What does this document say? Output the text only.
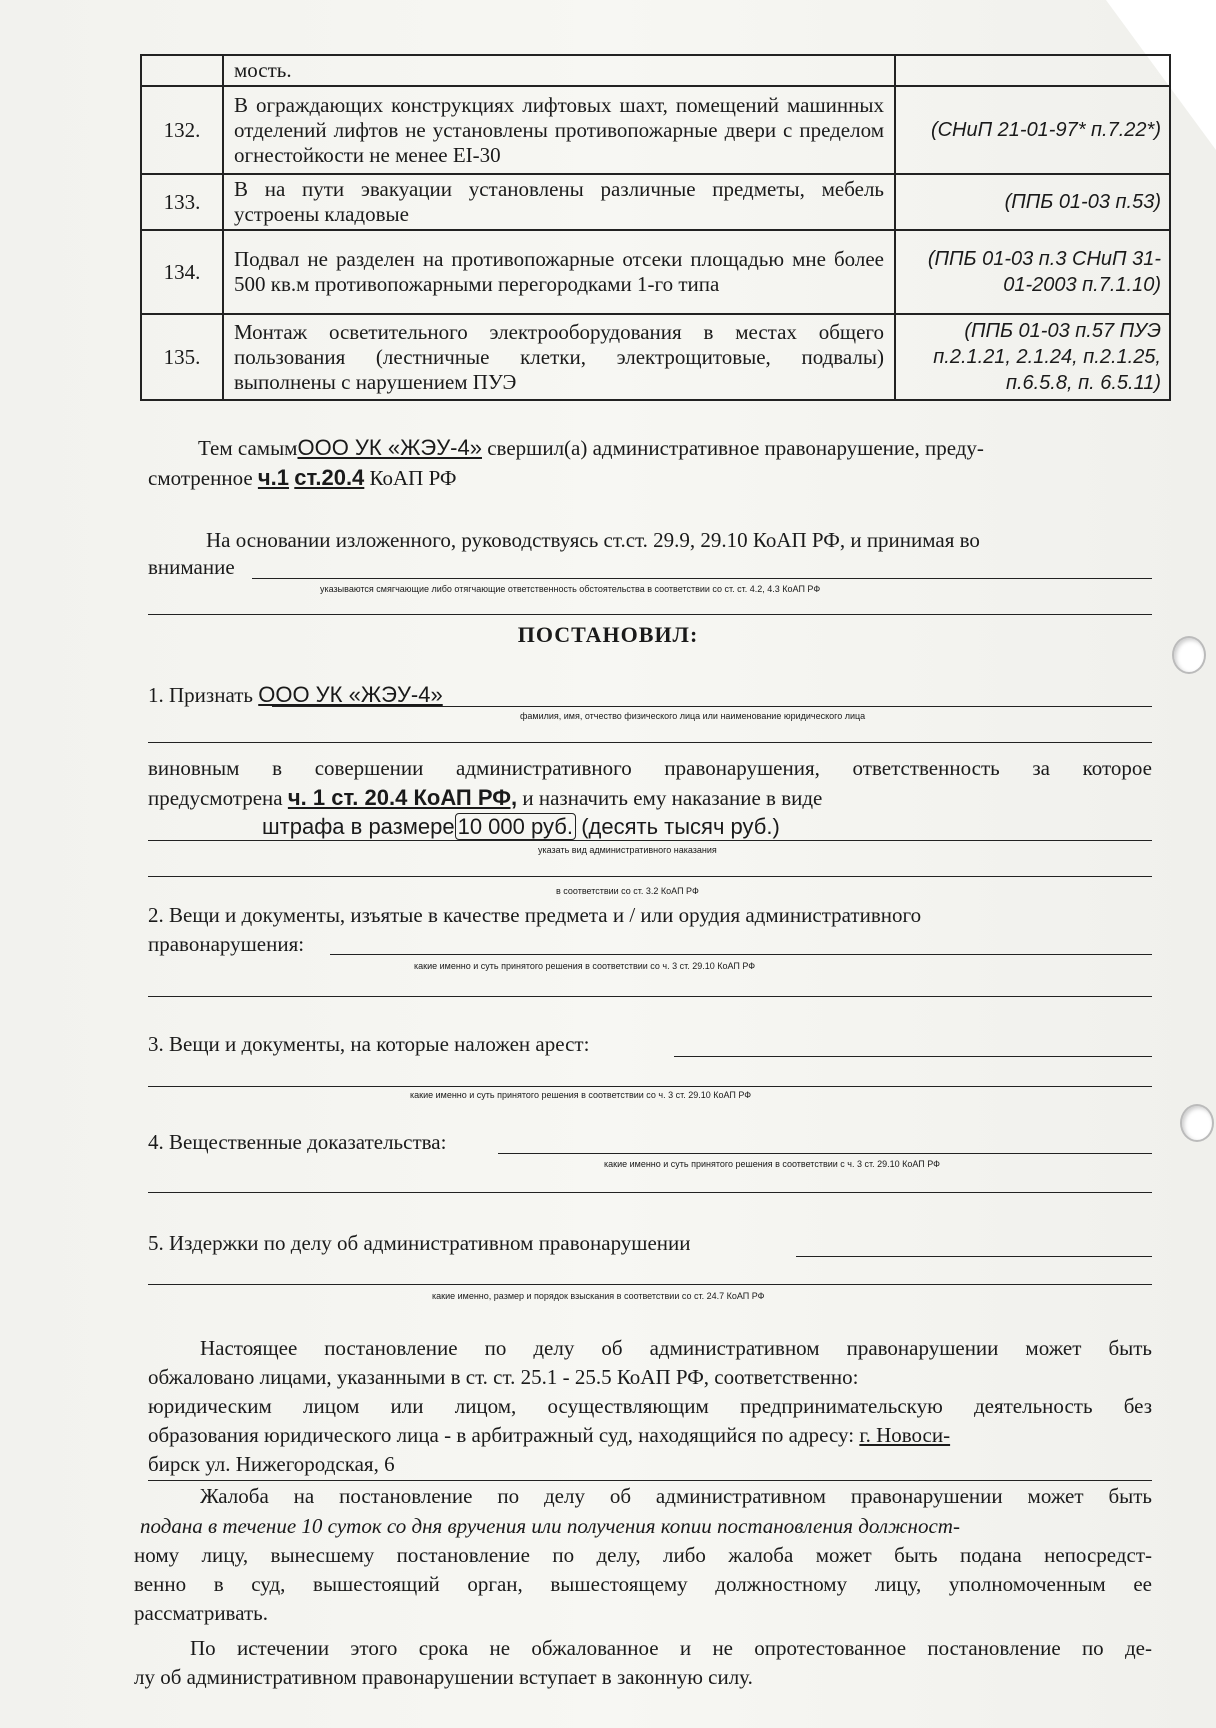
	мость.	
132.	В ограждающих конструкциях лифтовых шахт, помещений машинных отделений лифтов не установлены противопожарные двери с пределом огнестойкости не менее EI-30	(СНиП 21-01-97* п.7.22*)
133.	В на пути эвакуации установлены различные предметы, мебель устроены кладовые	(ППБ 01-03 п.53)
134.	Подвал не разделен на противопожарные отсеки площадью мне более 500 кв.м противопожарными перегородками 1-го типа	(ППБ 01-03 п.3 СНиП 31-01-2003 п.7.1.10)
135.	Монтаж осветительного электрооборудования в местах общего пользования (лестничные клетки, электрощитовые, подвалы) выполнены с нарушением ПУЭ	(ППБ 01-03 п.57 ПУЭ п.2.1.21, 2.1.24, п.2.1.25, п.6.5.8, п. 6.5.11)
Тем самымООО УК «ЖЭУ-4» свершил(а) административное правонарушение, преду-
смотренное ч.1 ст.20.4 КоАП РФ
На основании изложенного, руководствуясь ст.ст. 29.9, 29.10 КоАП РФ, и принимая во
внимание
указываются смягчающие либо отягчающие ответственность обстоятельства в соответствии со ст. ст. 4.2, 4.3 КоАП РФ
ПОСТАНОВИЛ:
1. Признать ООО УК «ЖЭУ-4»
фамилия, имя, отчество физического лица или наименование юридического лица
виновным в совершении административного правонарушения, ответственность за которое
предусмотрена ч. 1 ст. 20.4 КоАП РФ, и назначить ему наказание в виде
штрафа в размере 10 000 руб. (десять тысяч руб.)
указать вид административного наказания
в соответствии со ст. 3.2 КоАП РФ
2. Вещи и документы, изъятые в качестве предмета и / или орудия административного
правонарушения:
какие именно и суть принятого решения в соответствии со ч. 3 ст. 29.10 КоАП РФ
3. Вещи и документы, на которые наложен арест:
какие именно и суть принятого решения в соответствии со ч. 3 ст. 29.10 КоАП РФ
4. Вещественные доказательства:
какие именно и суть принятого решения в соответствии с ч. 3 ст. 29.10 КоАП РФ
5. Издержки по делу об административном правонарушении
какие именно, размер и порядок взыскания в соответствии со ст. 24.7 КоАП РФ
Настоящее постановление по делу об административном правонарушении может быть
обжаловано лицами, указанными в ст. ст. 25.1 - 25.5 КоАП РФ, соответственно:
юридическим лицом или лицом, осуществляющим предпринимательскую деятельность без
образования юридического лица - в арбитражный суд, находящийся по адресу: г. Новоси-
бирск ул. Нижегородская, 6
Жалоба на постановление по делу об административном правонарушении может быть
подана в течение 10 суток со дня вручения или получения копии постановления должност-
ному лицу, вынесшему постановление по делу, либо жалоба может быть подана непосредст-
венно в суд, вышестоящий орган, вышестоящему должностному лицу, уполномоченным ее
рассматривать.
По истечении этого срока не обжалованное и не опротестованное постановление по де-
лу об административном правонарушении вступает в законную силу.
